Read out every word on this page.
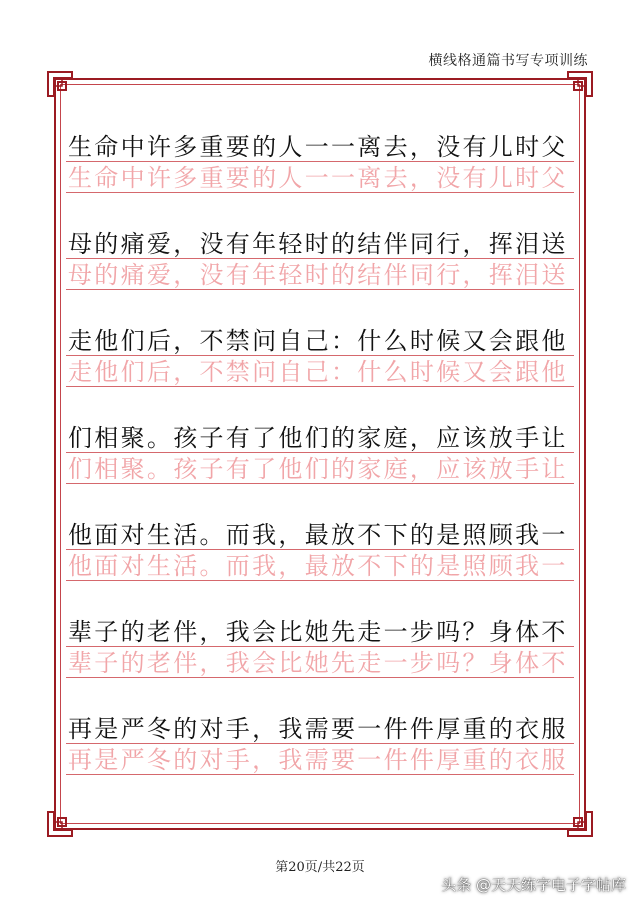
横线格通篇书写专项训练
生命中许多重要的人一一离去，没有儿时父
生命中许多重要的人一一离去，没有儿时父
母的痛爱，没有年轻时的结伴同行，挥泪送
母的痛爱，没有年轻时的结伴同行，挥泪送
走他们后，不禁问自己：什么时候又会跟他
走他们后，不禁问自己：什么时候又会跟他
们相聚。孩子有了他们的家庭，应该放手让
们相聚。孩子有了他们的家庭，应该放手让
他面对生活。而我，最放不下的是照顾我一
他面对生活。而我，最放不下的是照顾我一
辈子的老伴，我会比她先走一步吗？身体不
辈子的老伴，我会比她先走一步吗？身体不
再是严冬的对手，我需要一件件厚重的衣服
再是严冬的对手，我需要一件件厚重的衣服
第20页/共22页
头条 @天天练字电子字帖库
